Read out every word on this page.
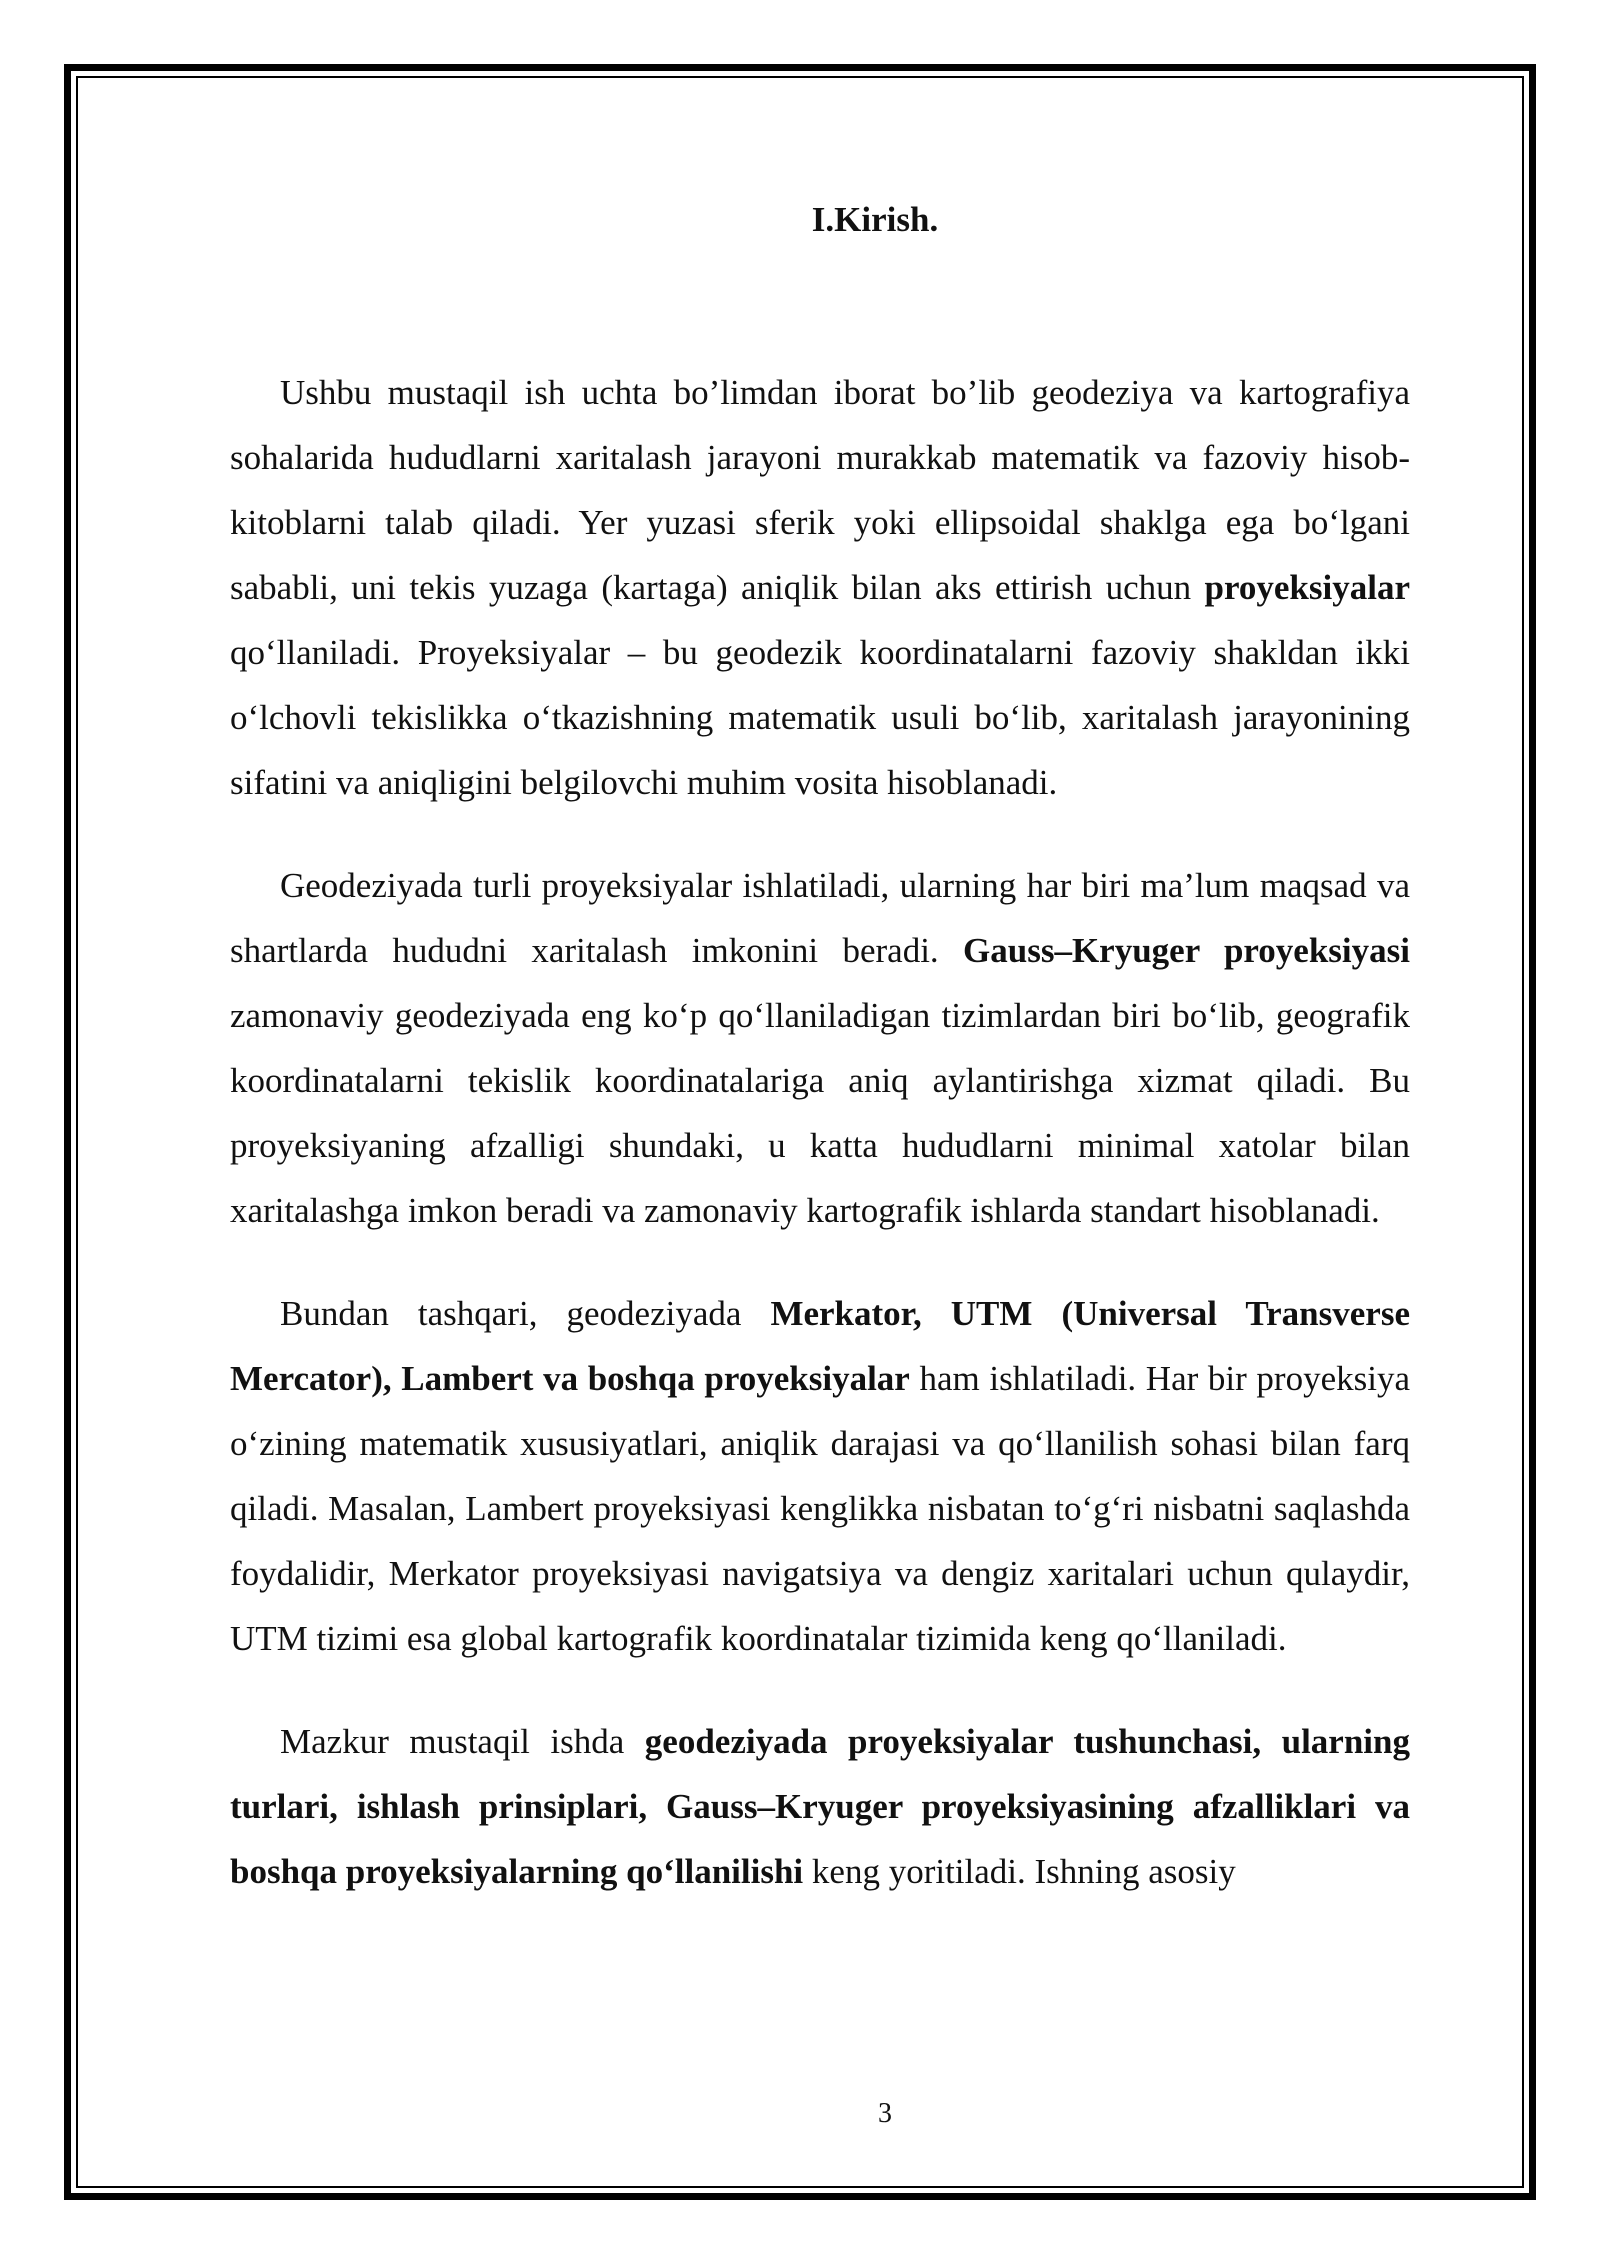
I.Kirish.

Ushbu mustaqil ish uchta bo’limdan iborat bo’lib geodeziya va kartografiya sohalarida hududlarni xaritalash jarayoni murakkab matematik va fazoviy hisob-kitoblarni talab qiladi. Yer yuzasi sferik yoki ellipsoidal shaklga ega boʻlgani sababli, uni tekis yuzaga (kartaga) aniqlik bilan aks ettirish uchun proyeksiyalar qoʻllaniladi. Proyeksiyalar – bu geodezik koordinatalarni fazoviy shakldan ikki oʻlchovli tekislikka oʻtkazishning matematik usuli boʻlib, xaritalash jarayonining sifatini va aniqligini belgilovchi muhim vosita hisoblanadi.

Geodeziyada turli proyeksiyalar ishlatiladi, ularning har biri ma’lum maqsad va shartlarda hududni xaritalash imkonini beradi. Gauss–Kryuger proyeksiyasi zamonaviy geodeziyada eng koʻp qoʻllaniladigan tizimlardan biri boʻlib, geografik koordinatalarni tekislik koordinatalariga aniq aylantirishga xizmat qiladi. Bu proyeksiyaning afzalligi shundaki, u katta hududlarni minimal xatolar bilan xaritalashga imkon beradi va zamonaviy kartografik ishlarda standart hisoblanadi.

Bundan tashqari, geodeziyada Merkator, UTM (Universal Transverse Mercator), Lambert va boshqa proyeksiyalar ham ishlatiladi. Har bir proyeksiya oʻzining matematik xususiyatlari, aniqlik darajasi va qoʻllanilish sohasi bilan farq qiladi. Masalan, Lambert proyeksiyasi kenglikka nisbatan toʻgʻri nisbatni saqlashda foydalidir, Merkator proyeksiyasi navigatsiya va dengiz xaritalari uchun qulaydir, UTM tizimi esa global kartografik koordinatalar tizimida keng qoʻllaniladi.

Mazkur mustaqil ishda geodeziyada proyeksiyalar tushunchasi, ularning turlari, ishlash prinsiplari, Gauss–Kryuger proyeksiyasining afzalliklari va boshqa proyeksiyalarning qoʻllanilishi keng yoritiladi. Ishning asosiy

3
